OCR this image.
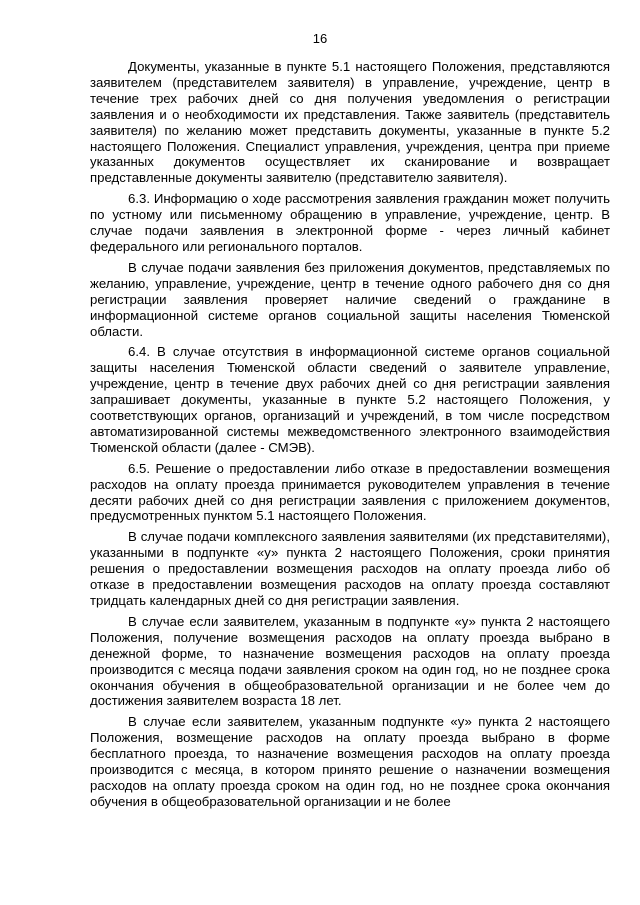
16

Документы, указанные в пункте 5.1 настоящего Положения, представляются заявителем (представителем заявителя) в управление, учреждение, центр в течение трех рабочих дней со дня получения уведомления о регистрации заявления и о необходимости их представления. Также заявитель (представитель заявителя) по желанию может представить документы, указанные в пункте 5.2 настоящего Положения. Специалист управления, учреждения, центра при приеме указанных документов осуществляет их сканирование и возвращает представленные документы заявителю (представителю заявителя).

6.3. Информацию о ходе рассмотрения заявления гражданин может получить по устному или письменному обращению в управление, учреждение, центр. В случае подачи заявления в электронной форме - через личный кабинет федерального или регионального порталов.

В случае подачи заявления без приложения документов, представляемых по желанию, управление, учреждение, центр в течение одного рабочего дня со дня регистрации заявления проверяет наличие сведений о гражданине в информационной системе органов социальной защиты населения Тюменской области.

6.4. В случае отсутствия в информационной системе органов социальной защиты населения Тюменской области сведений о заявителе управление, учреждение, центр в течение двух рабочих дней со дня регистрации заявления запрашивает документы, указанные в пункте 5.2 настоящего Положения, у соответствующих органов, организаций и учреждений, в том числе посредством автоматизированной системы межведомственного электронного взаимодействия Тюменской области (далее - СМЭВ).

6.5. Решение о предоставлении либо отказе в предоставлении возмещения расходов на оплату проезда принимается руководителем управления в течение десяти рабочих дней со дня регистрации заявления с приложением документов, предусмотренных пунктом 5.1 настоящего Положения.

В случае подачи комплексного заявления заявителями (их представителями), указанными в подпункте «у» пункта 2 настоящего Положения, сроки принятия решения о предоставлении возмещения расходов на оплату проезда либо об отказе в предоставлении возмещения расходов на оплату проезда составляют тридцать календарных дней со дня регистрации заявления.

В случае если заявителем, указанным в подпункте «у» пункта 2 настоящего Положения, получение возмещения расходов на оплату проезда выбрано в денежной форме, то назначение возмещения расходов на оплату проезда производится с месяца подачи заявления сроком на один год, но не позднее срока окончания обучения в общеобразовательной организации и не более чем до достижения заявителем возраста 18 лет.

В случае если заявителем, указанным подпункте «у» пункта 2 настоящего Положения, возмещение расходов на оплату проезда выбрано в форме бесплатного проезда, то назначение возмещения расходов на оплату проезда производится с месяца, в котором принято решение о назначении возмещения расходов на оплату проезда сроком на один год, но не позднее срока окончания обучения в общеобразовательной организации и не более
